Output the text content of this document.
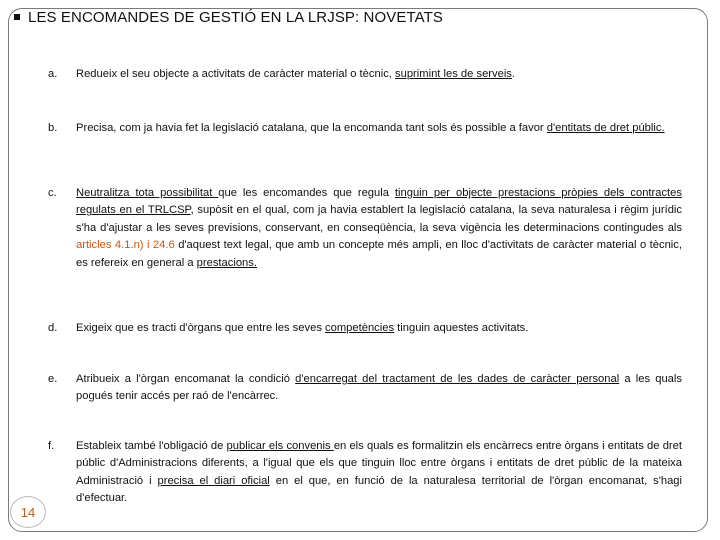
LES ENCOMANDES DE GESTIÓ EN LA LRJSP: NOVETATS
a.	Redueix el seu objecte a activitats de caràcter material o tècnic, suprimint les de serveis.
b.	Precisa, com ja havia fet la legislació catalana, que la encomanda tant sols és possible a favor d'entitats de dret públic.
c.	Neutralitza tota possibilitat que les encomandes que regula tinguin per objecte prestacions pròpies dels contractes regulats en el TRLCSP, supòsit en el qual, com ja havia establert la legislació catalana, la seva naturalesa i règim jurídic s'ha d'ajustar a les seves previsions, conservant, en conseqüència, la seva vigència les determinacions contingudes als articles 4.1.n) i 24.6 d'aquest text legal, que amb un concepte més ampli, en lloc d'activitats de caràcter material o tècnic, es refereix en general a prestacions.
d.	Exigeix que es tracti d'òrgans que entre les seves competències tinguin aquestes activitats.
e.	Atribueix a l'òrgan encomanat la condició d'encarregat del tractament de les dades de caràcter personal a les quals pogués tenir accés per raó de l'encàrrec.
f.	Estableix també l'obligació de publicar els convenis en els quals es formalitzin els encàrrecs entre òrgans i entitats de dret públic d'Administracions diferents, a l'igual que els que tinguin lloc entre òrgans i entitats de dret públic de la mateixa Administració i precisa el diari oficial en el que, en funció de la naturalesa territorial de l'òrgan encomanat, s'hagi d'efectuar.
14
